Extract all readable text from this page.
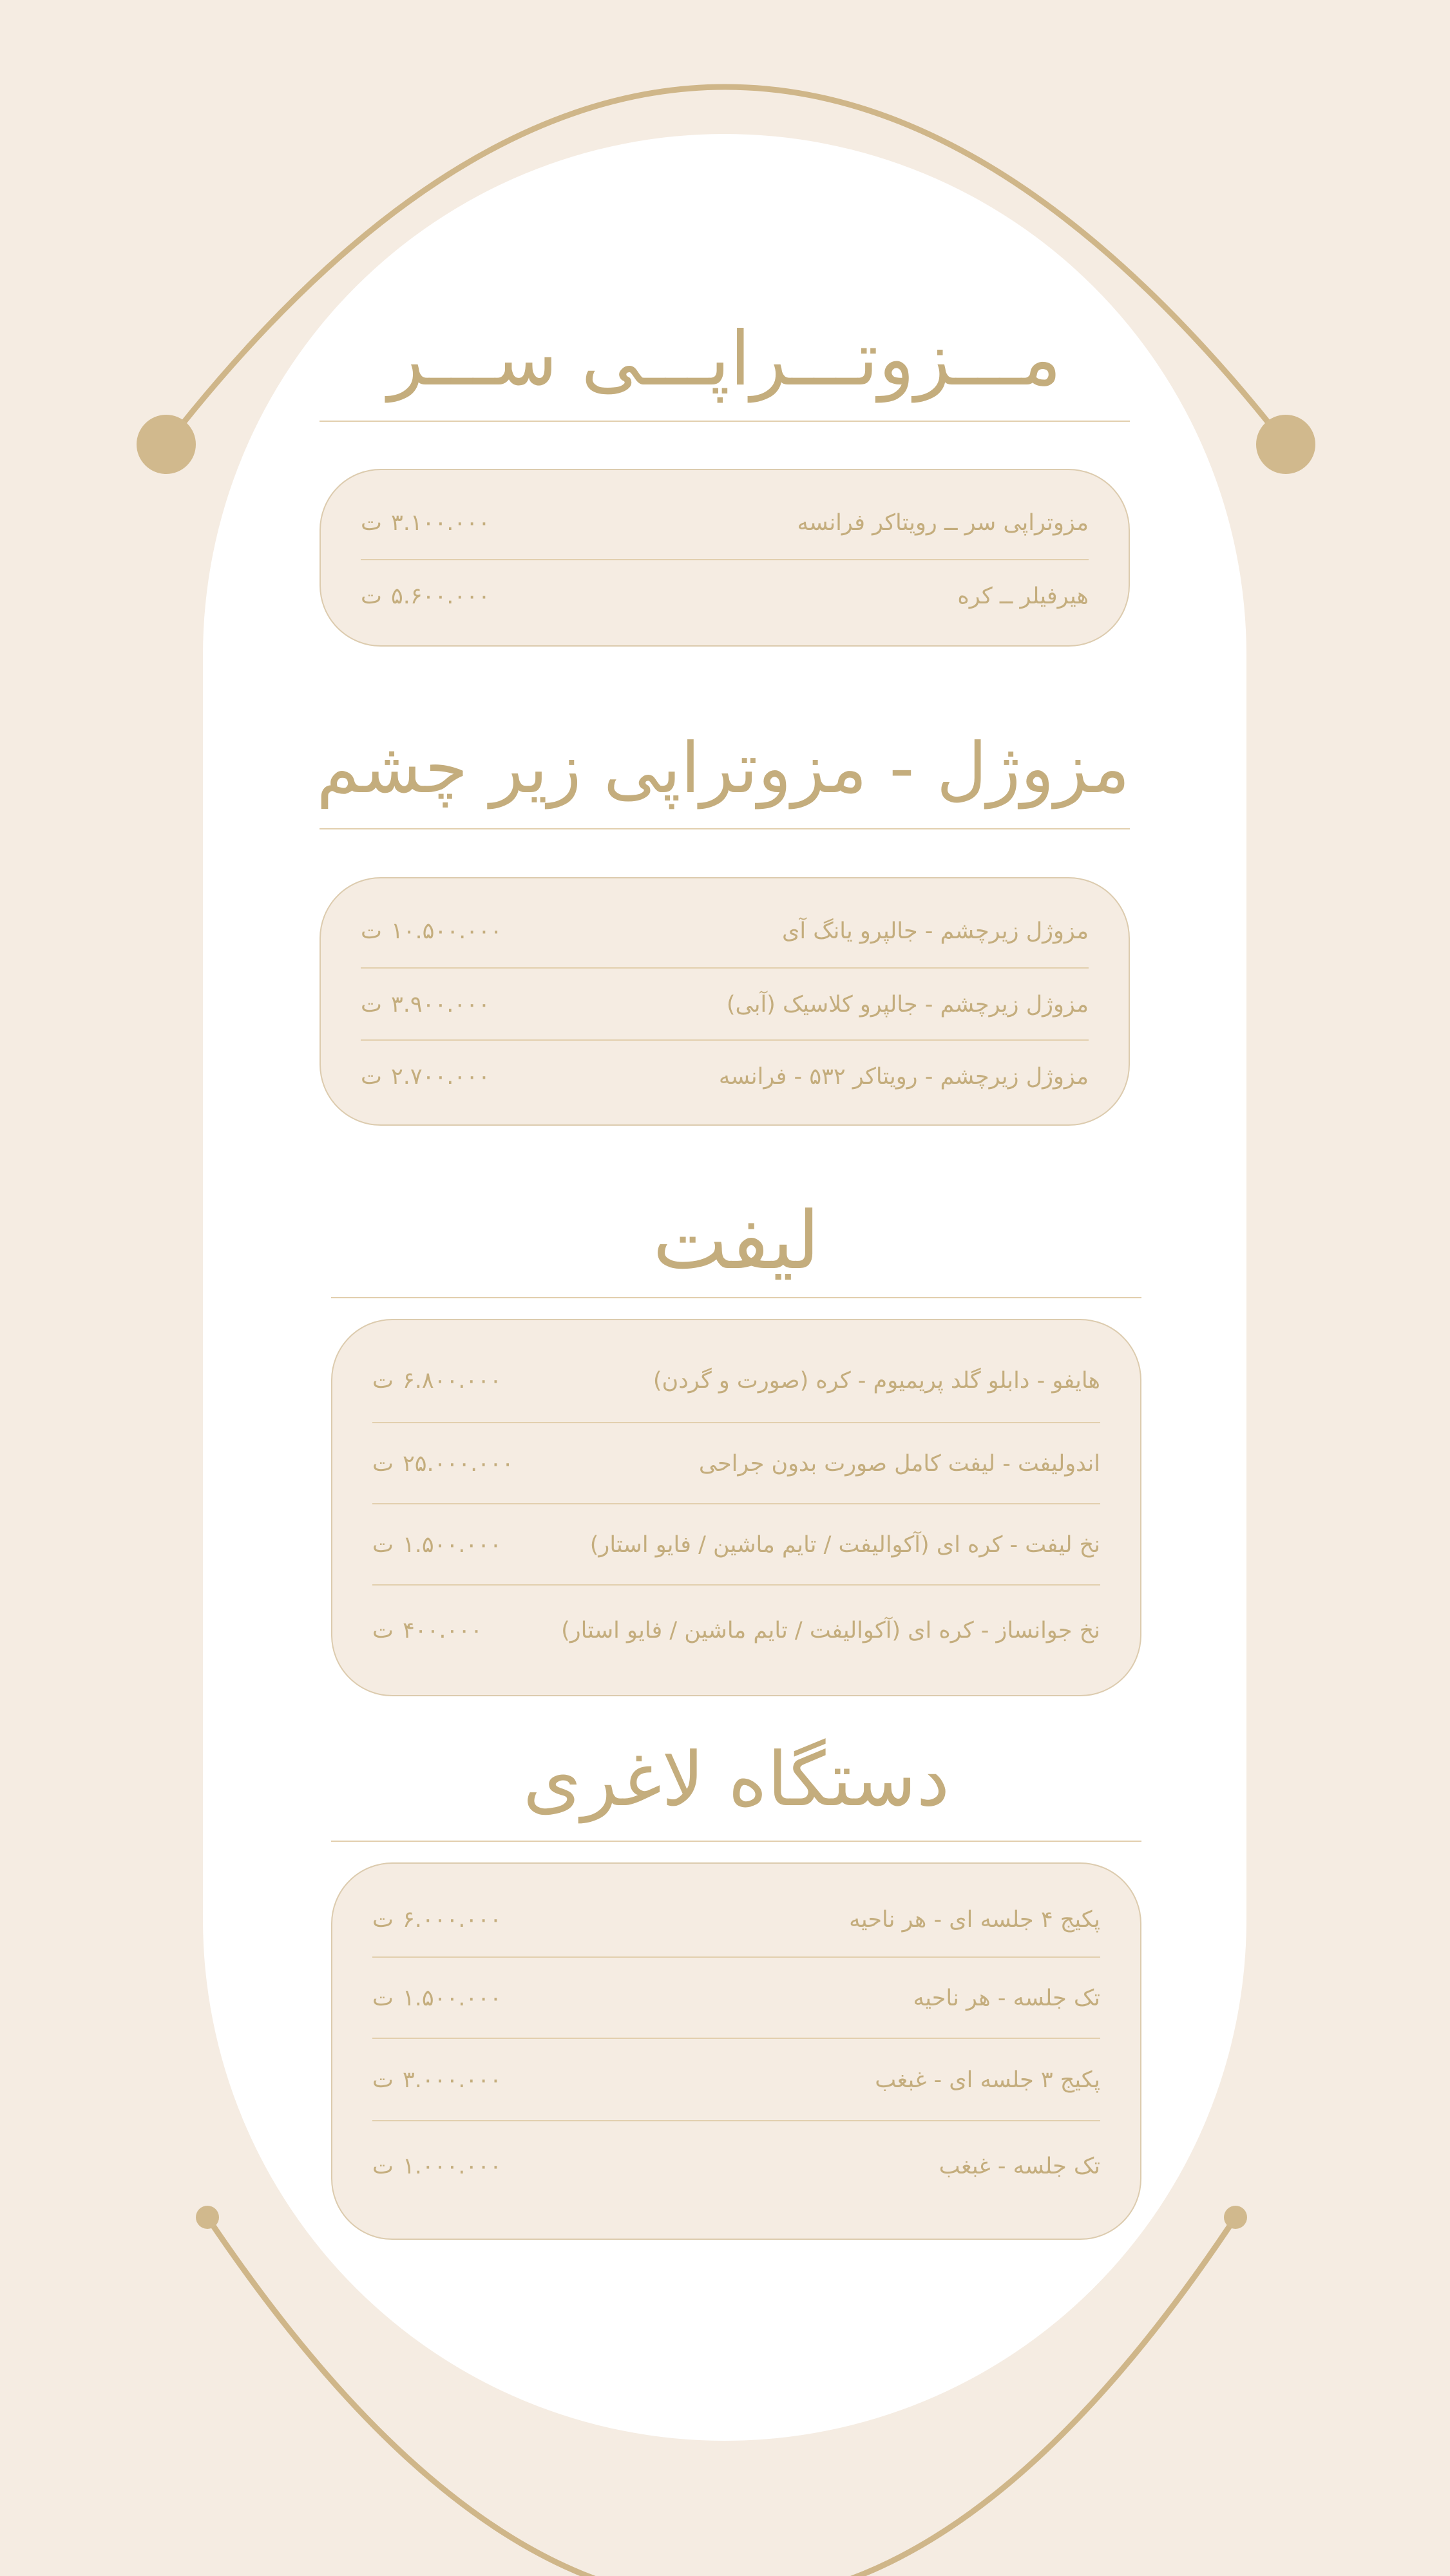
مـــزوتـــراپـــی ســـر
مزوتراپی سر ــ رویتاکر فرانسه
۳.۱۰۰.۰۰۰
ت
هیرفیلر ــ کره
۵.۶۰۰.۰۰۰
ت
مزوژل - مزوتراپی زیر چشم
مزوژل زیرچشم - جالپرو یانگ آی
۱۰.۵۰۰.۰۰۰
ت
مزوژل زیرچشم - جالپرو کلاسیک (آبی)
۳.۹۰۰.۰۰۰
ت
مزوژل زیرچشم - رویتاکر ۵۳۲ - فرانسه
۲.۷۰۰.۰۰۰
ت
لیفت
هایفو - دابلو گلد پریمیوم - کره (صورت و گردن)
۶.۸۰۰.۰۰۰
ت
اندولیفت - لیفت کامل صورت بدون جراحی
۲۵.۰۰۰.۰۰۰
ت
نخ لیفت - کره ای (آکوالیفت / تایم ماشین / فایو استار)
۱.۵۰۰.۰۰۰
ت
نخ جوانساز - کره ای (آکوالیفت / تایم ماشین / فایو استار)
۴۰۰.۰۰۰
ت
دستگاه لاغری
پکیج ۴ جلسه ای - هر ناحیه
۶.۰۰۰.۰۰۰
ت
تک جلسه - هر ناحیه
۱.۵۰۰.۰۰۰
ت
پکیج ۳ جلسه ای - غبغب
۳.۰۰۰.۰۰۰
ت
تک جلسه - غبغب
۱.۰۰۰.۰۰۰
ت
